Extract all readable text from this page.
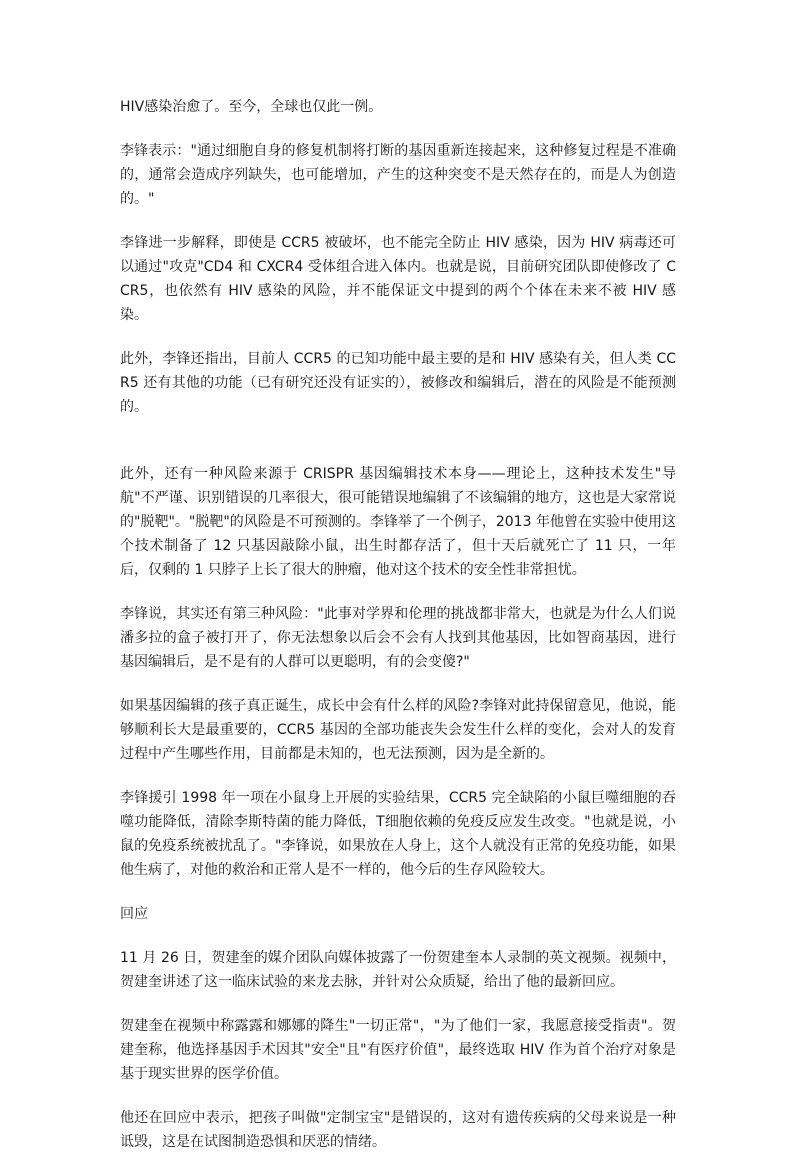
HIV感染治愈了。至今，全球也仅此一例。

李锋表示："通过细胞自身的修复机制将打断的基因重新连接起来，这种修复过程是不准确的，通常会造成序列缺失，也可能增加，产生的这种突变不是天然存在的，而是人为创造的。"

李锋进一步解释，即使是 CCR5 被破坏，也不能完全防止 HIV 感染，因为 HIV 病毒还可以通过"攻克"CD4 和 CXCR4 受体组合进入体内。也就是说，目前研究团队即使修改了 CCR5，也依然有 HIV 感染的风险，并不能保证文中提到的两个个体在未来不被 HIV 感染。

此外，李锋还指出，目前人 CCR5 的已知功能中最主要的是和 HIV 感染有关，但人类 CCR5 还有其他的功能（已有研究还没有证实的），被修改和编辑后，潜在的风险是不能预测的。

此外，还有一种风险来源于 CRISPR 基因编辑技术本身——理论上，这种技术发生"导航"不严谨、识别错误的几率很大，很可能错误地编辑了不该编辑的地方，这也是大家常说的"脱靶"。"脱靶"的风险是不可预测的。李锋举了一个例子，2013 年他曾在实验中使用这个技术制备了 12 只基因敲除小鼠，出生时都存活了，但十天后就死亡了 11 只，一年后，仅剩的 1 只脖子上长了很大的肿瘤，他对这个技术的安全性非常担忧。

李锋说，其实还有第三种风险："此事对学界和伦理的挑战都非常大，也就是为什么人们说潘多拉的盒子被打开了，你无法想象以后会不会有人找到其他基因，比如智商基因，进行基因编辑后，是不是有的人群可以更聪明，有的会变傻?"

如果基因编辑的孩子真正诞生，成长中会有什么样的风险?李锋对此持保留意见，他说，能够顺利长大是最重要的，CCR5 基因的全部功能丧失会发生什么样的变化，会对人的发育过程中产生哪些作用，目前都是未知的，也无法预测，因为是全新的。

李锋援引 1998 年一项在小鼠身上开展的实验结果，CCR5 完全缺陷的小鼠巨噬细胞的吞噬功能降低，清除李斯特菌的能力降低，T细胞依赖的免疫反应发生改变。"也就是说，小鼠的免疫系统被扰乱了。"李锋说，如果放在人身上，这个人就没有正常的免疫功能，如果他生病了，对他的救治和正常人是不一样的，他今后的生存风险较大。

回应

11 月 26 日，贺建奎的媒介团队向媒体披露了一份贺建奎本人录制的英文视频。视频中，贺建奎讲述了这一临床试验的来龙去脉，并针对公众质疑，给出了他的最新回应。

贺建奎在视频中称露露和娜娜的降生"一切正常"，"为了他们一家，我愿意接受指责"。贺建奎称，他选择基因手术因其"安全"且"有医疗价值"，最终选取 HIV 作为首个治疗对象是基于现实世界的医学价值。

他还在回应中表示，把孩子叫做"定制宝宝"是错误的，这对有遗传疾病的父母来说是一种诋毁，这是在试图制造恐惧和厌恶的情绪。
